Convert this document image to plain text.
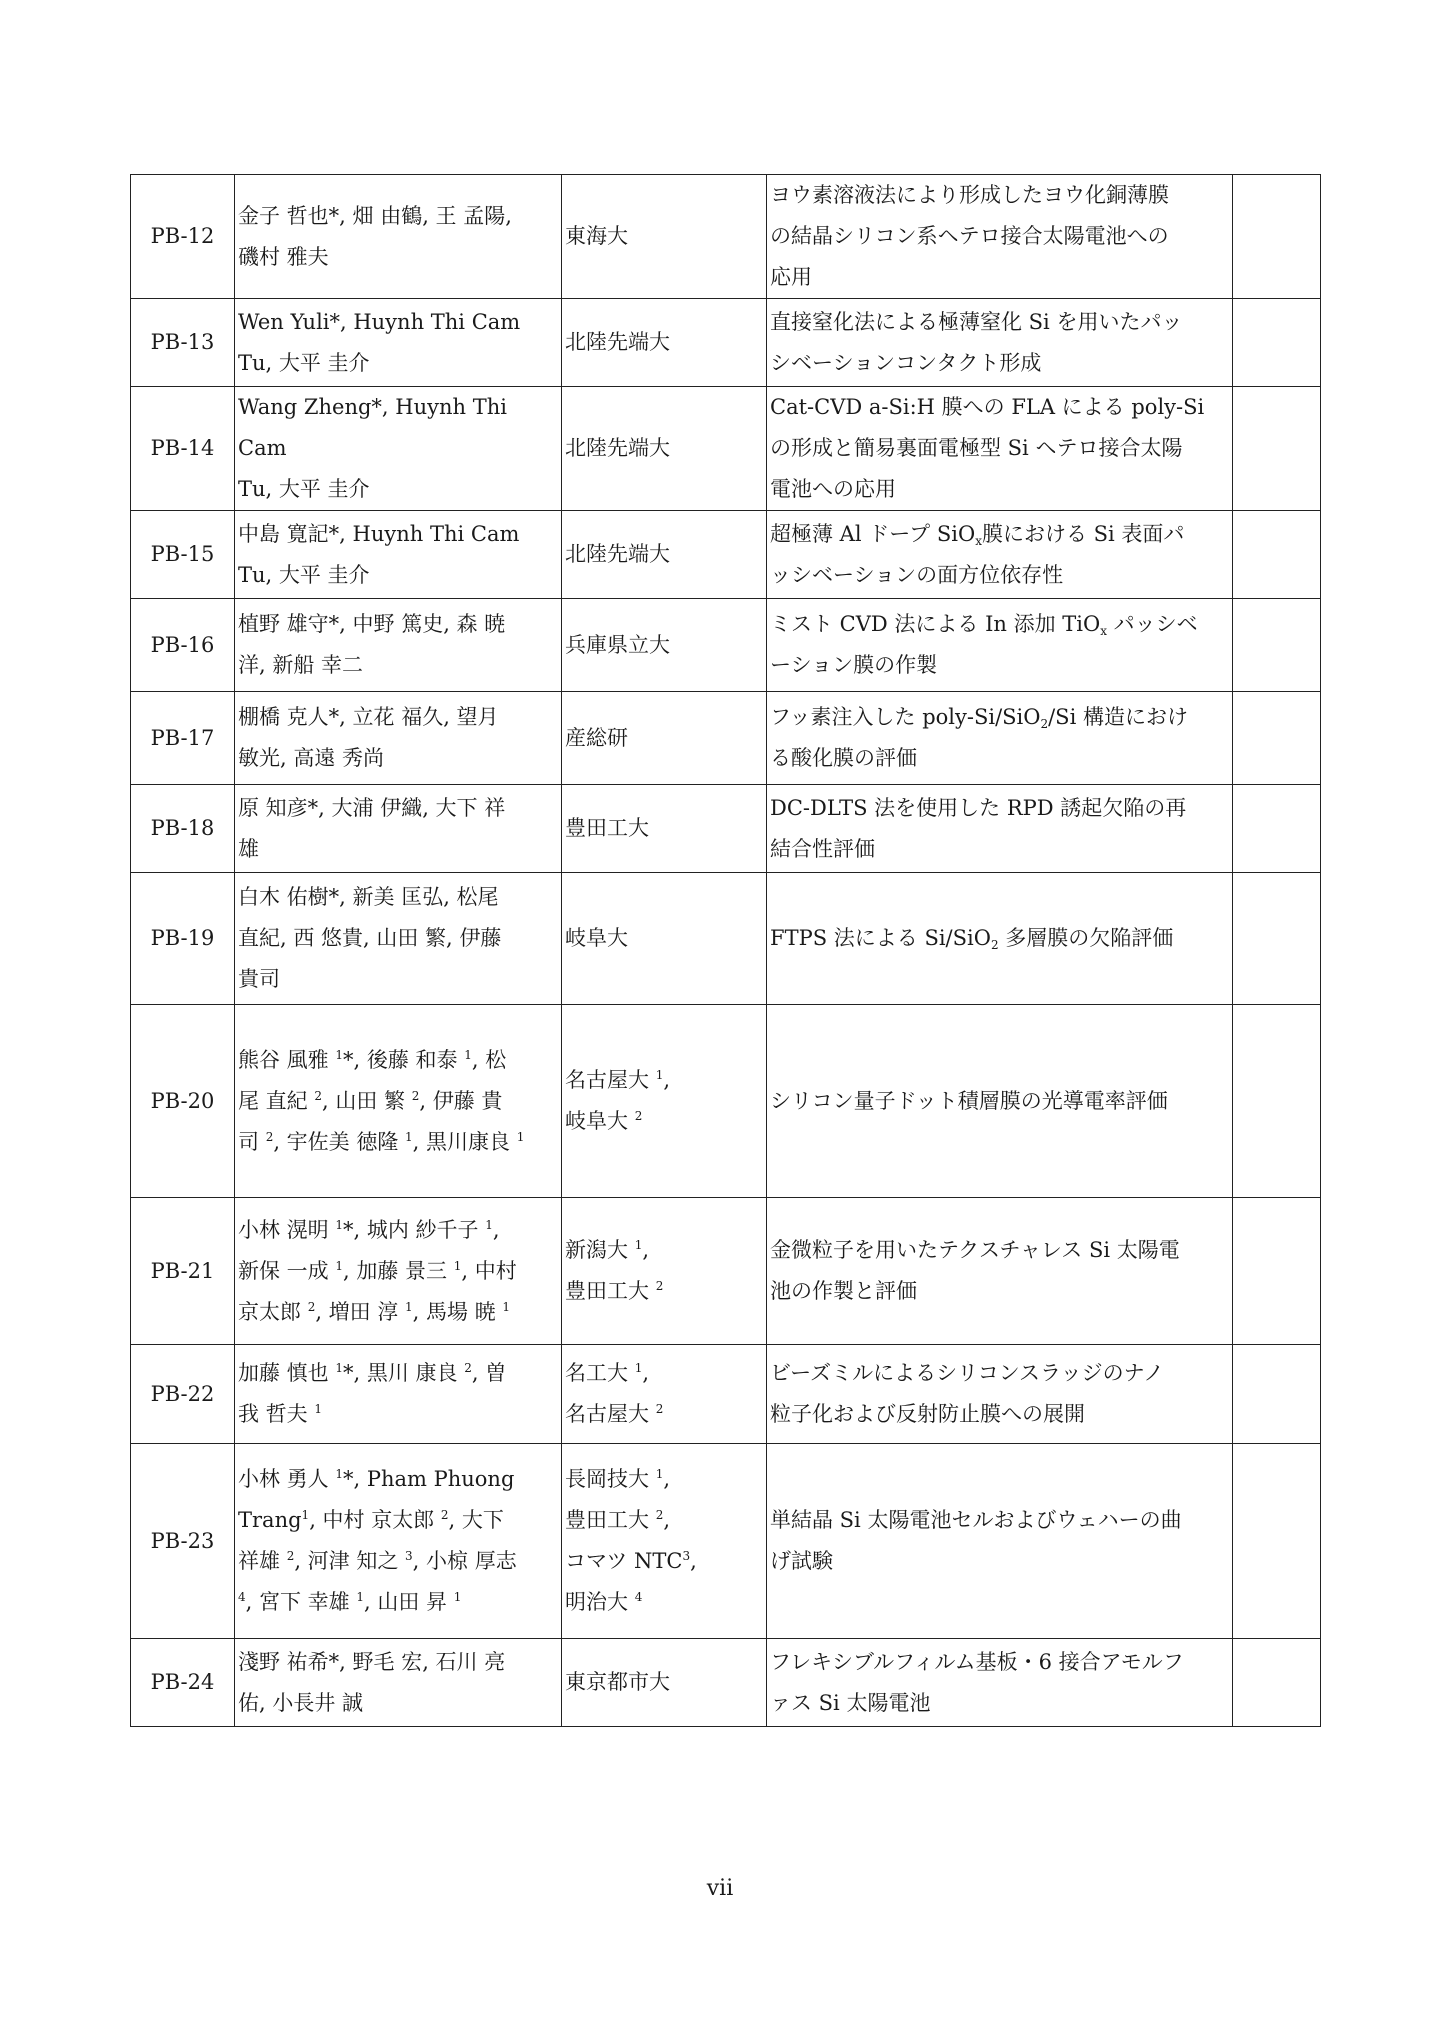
PB-12	金子 哲也*, 畑 由鶴, 王 孟陽,
磯村 雅夫	東海大	ヨウ素溶液法により形成したヨウ化銅薄膜
の結晶シリコン系ヘテロ接合太陽電池への
応用	
PB-13	Wen Yuli*, Huynh Thi Cam
Tu, 大平 圭介	北陸先端大	直接窒化法による極薄窒化 Si を用いたパッ
シベーションコンタクト形成	
PB-14	Wang Zheng*, Huynh Thi Cam
Tu, 大平 圭介	北陸先端大	Cat-CVD a-Si:H 膜への FLA による poly-Si
の形成と簡易裏面電極型 Si ヘテロ接合太陽
電池への応用	
PB-15	中島 寛記*, Huynh Thi Cam
Tu, 大平 圭介	北陸先端大	超極薄 Al ドープ SiO$_x$膜における Si 表面パ
ッシベーションの面方位依存性	
PB-16	植野 雄守*, 中野 篤史, 森 暁
洋, 新船 幸二	兵庫県立大	ミスト CVD 法による In 添加 TiO$_x$ パッシベ
ーション膜の作製	
PB-17	棚橋 克人*, 立花 福久, 望月
敏光, 高遠 秀尚	産総研	フッ素注入した poly-Si/SiO$_2$/Si 構造におけ
る酸化膜の評価	
PB-18	原 知彦*, 大浦 伊織, 大下 祥
雄	豊田工大	DC-DLTS 法を使用した RPD 誘起欠陥の再
結合性評価	
PB-19	白木 佑樹*, 新美 匡弘, 松尾
直紀, 西 悠貴, 山田 繁, 伊藤
貴司	岐阜大	FTPS 法による Si/SiO$_2$ 多層膜の欠陥評価	
PB-20	熊谷 風雅 $^1$*, 後藤 和泰 $^1$, 松
尾 直紀 $^2$, 山田 繁 $^2$, 伊藤 貴
司 $^2$, 宇佐美 徳隆 $^1$, 黒川康良 $^1$	名古屋大 $^1$,
岐阜大 $^2$	シリコン量子ドット積層膜の光導電率評価	
PB-21	小林 滉明 $^1$*, 城内 紗千子 $^1$,
新保 一成 $^1$, 加藤 景三 $^1$, 中村
京太郎 $^2$, 増田 淳 $^1$, 馬場 暁 $^1$	新潟大 $^1$,
豊田工大 $^2$	金微粒子を用いたテクスチャレス Si 太陽電
池の作製と評価	
PB-22	加藤 慎也 $^1$*, 黒川 康良 $^2$, 曽
我 哲夫 $^1$	名工大 $^1$,
名古屋大 $^2$	ビーズミルによるシリコンスラッジのナノ
粒子化および反射防止膜への展開	
PB-23	小林 勇人 $^1$*, Pham Phuong
Trang$^1$, 中村 京太郎 $^2$, 大下
祥雄 $^2$, 河津 知之 $^3$, 小椋 厚志
$^4$, 宮下 幸雄 $^1$, 山田 昇 $^1$	長岡技大 $^1$,
豊田工大 $^2$,
コマツ NTC$^3$,
明治大 $^4$	単結晶 Si 太陽電池セルおよびウェハーの曲
げ試験	
PB-24	淺野 祐希*, 野毛 宏, 石川 亮
佑, 小長井 誠	東京都市大	フレキシブルフィルム基板・6 接合アモルフ
ァス Si 太陽電池	
vii
